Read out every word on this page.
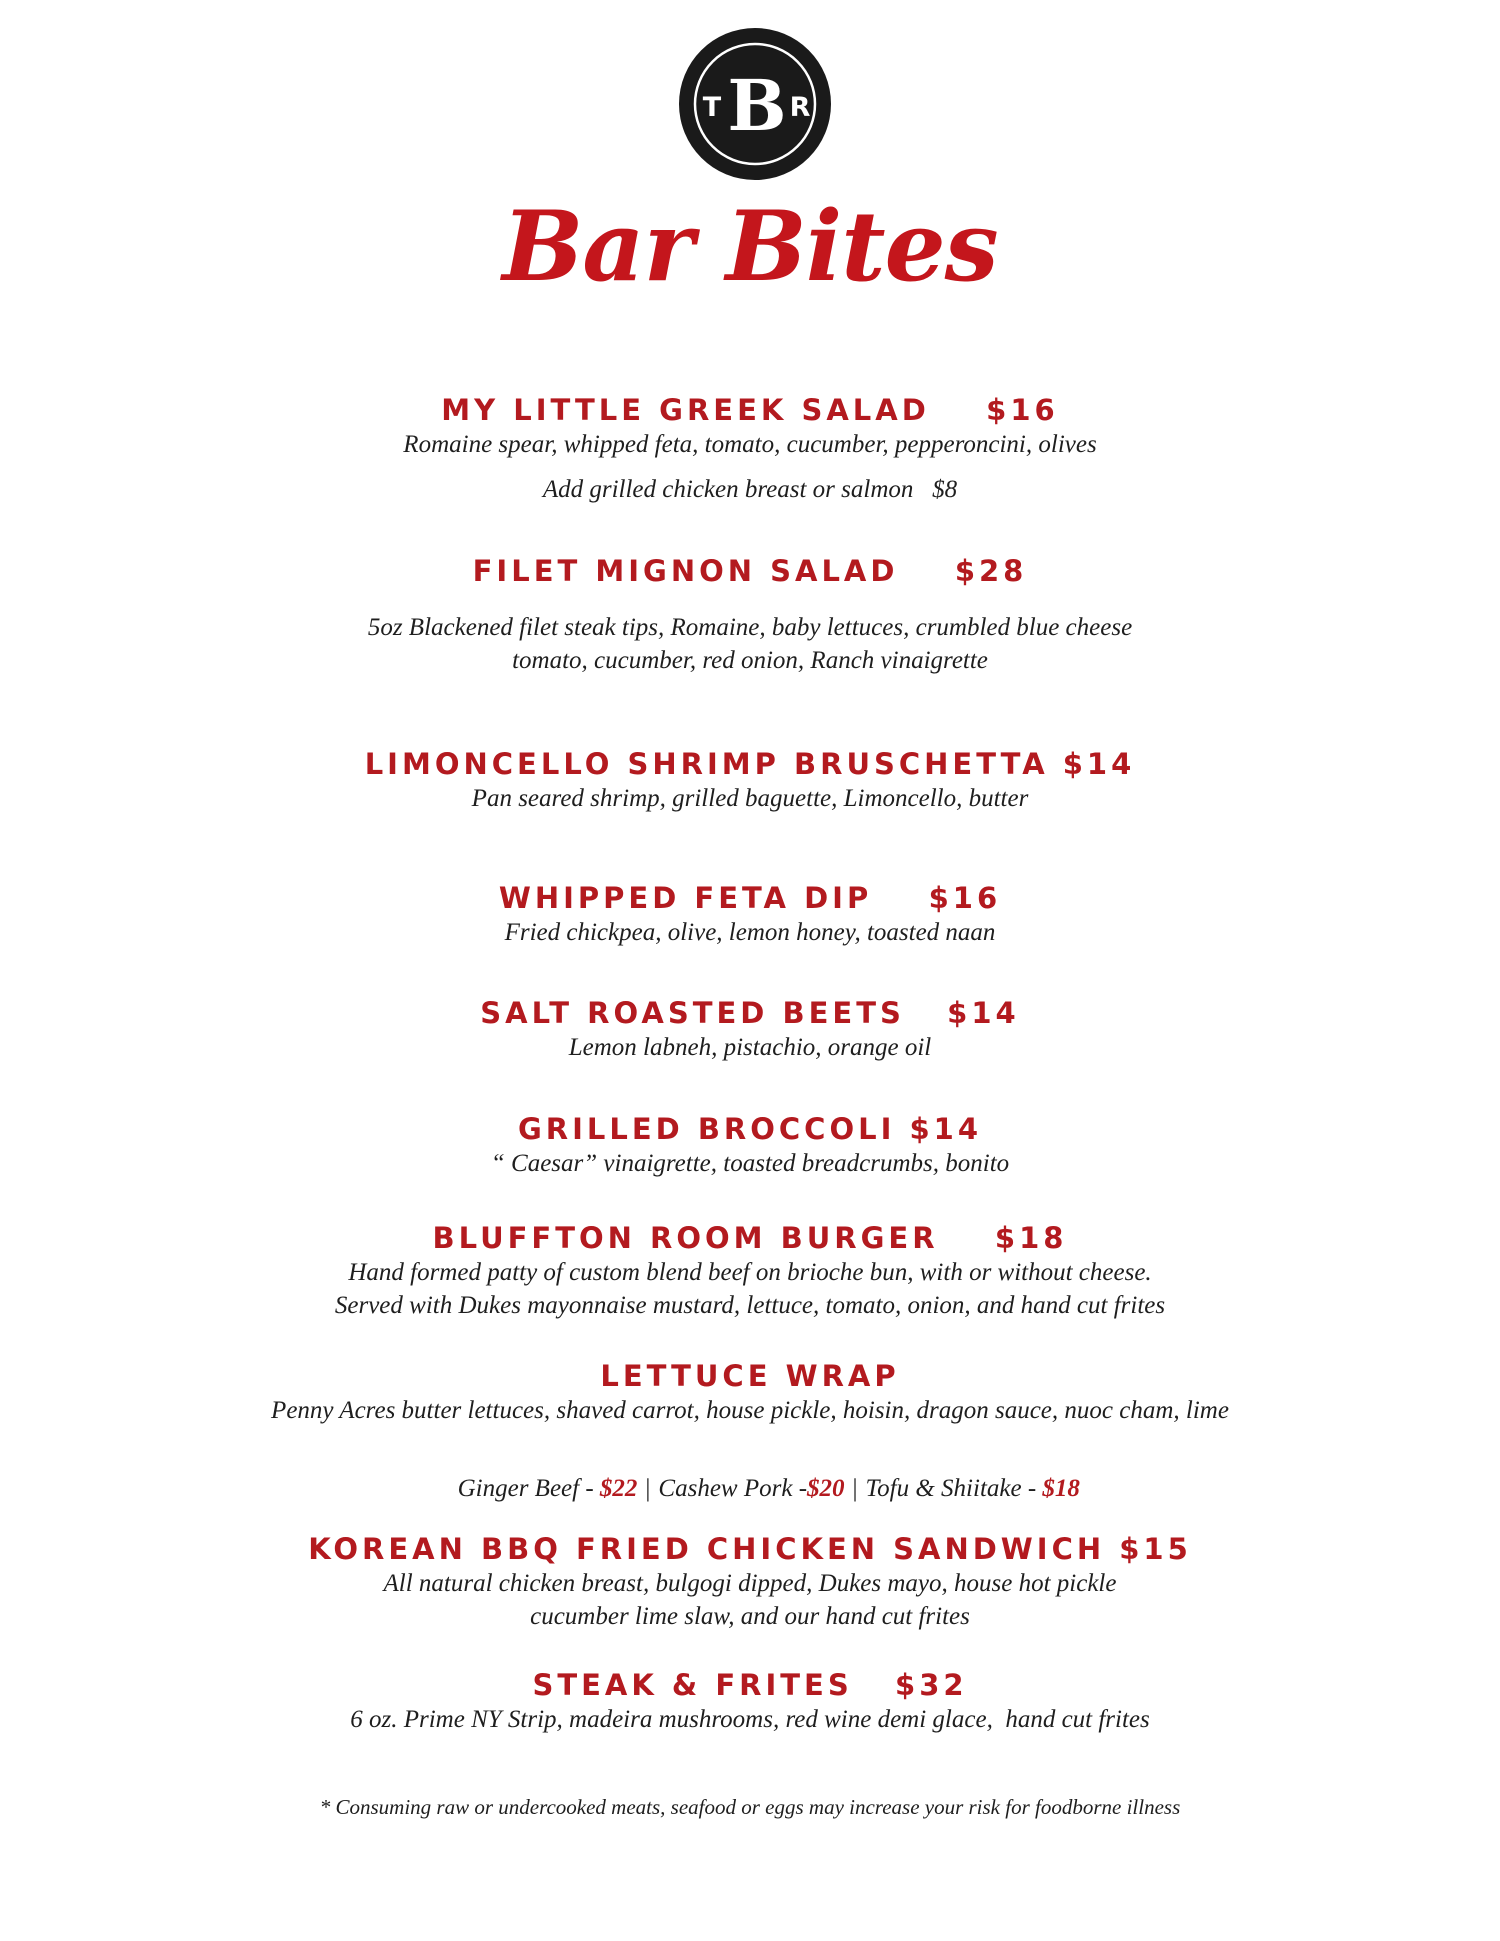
T B R
Bar Bites
MY LITTLE GREEK SALAD    $16
Romaine spear, whipped feta, tomato, cucumber, pepperoncini, olives
Add grilled chicken breast or salmon   $8
FILET MIGNON SALAD    $28
5oz Blackened filet steak tips, Romaine, baby lettuces, crumbled blue cheese
tomato, cucumber, red onion, Ranch vinaigrette
LIMONCELLO SHRIMP BRUSCHETTA $14
Pan seared shrimp, grilled baguette, Limoncello, butter
WHIPPED FETA DIP    $16
Fried chickpea, olive, lemon honey, toasted naan
SALT ROASTED BEETS   $14
Lemon labneh, pistachio, orange oil
GRILLED BROCCOLI $14
“ Caesar” vinaigrette, toasted breadcrumbs, bonito
BLUFFTON ROOM BURGER    $18
Hand formed patty of custom blend beef on brioche bun, with or without cheese.
Served with Dukes mayonnaise mustard, lettuce, tomato, onion, and hand cut frites
LETTUCE WRAP
Penny Acres butter lettuces, shaved carrot, house pickle, hoisin, dragon sauce, nuoc cham, lime

Ginger Beef - $22 | Cashew Pork -$20 | Tofu & Shiitake - $18

KOREAN BBQ FRIED CHICKEN SANDWICH $15
All natural chicken breast, bulgogi dipped, Dukes mayo, house hot pickle
cucumber lime slaw, and our hand cut frites
STEAK & FRITES   $32
6 oz. Prime NY Strip, madeira mushrooms, red wine demi glace,  hand cut frites
* Consuming raw or undercooked meats, seafood or eggs may increase your risk for foodborne illness
